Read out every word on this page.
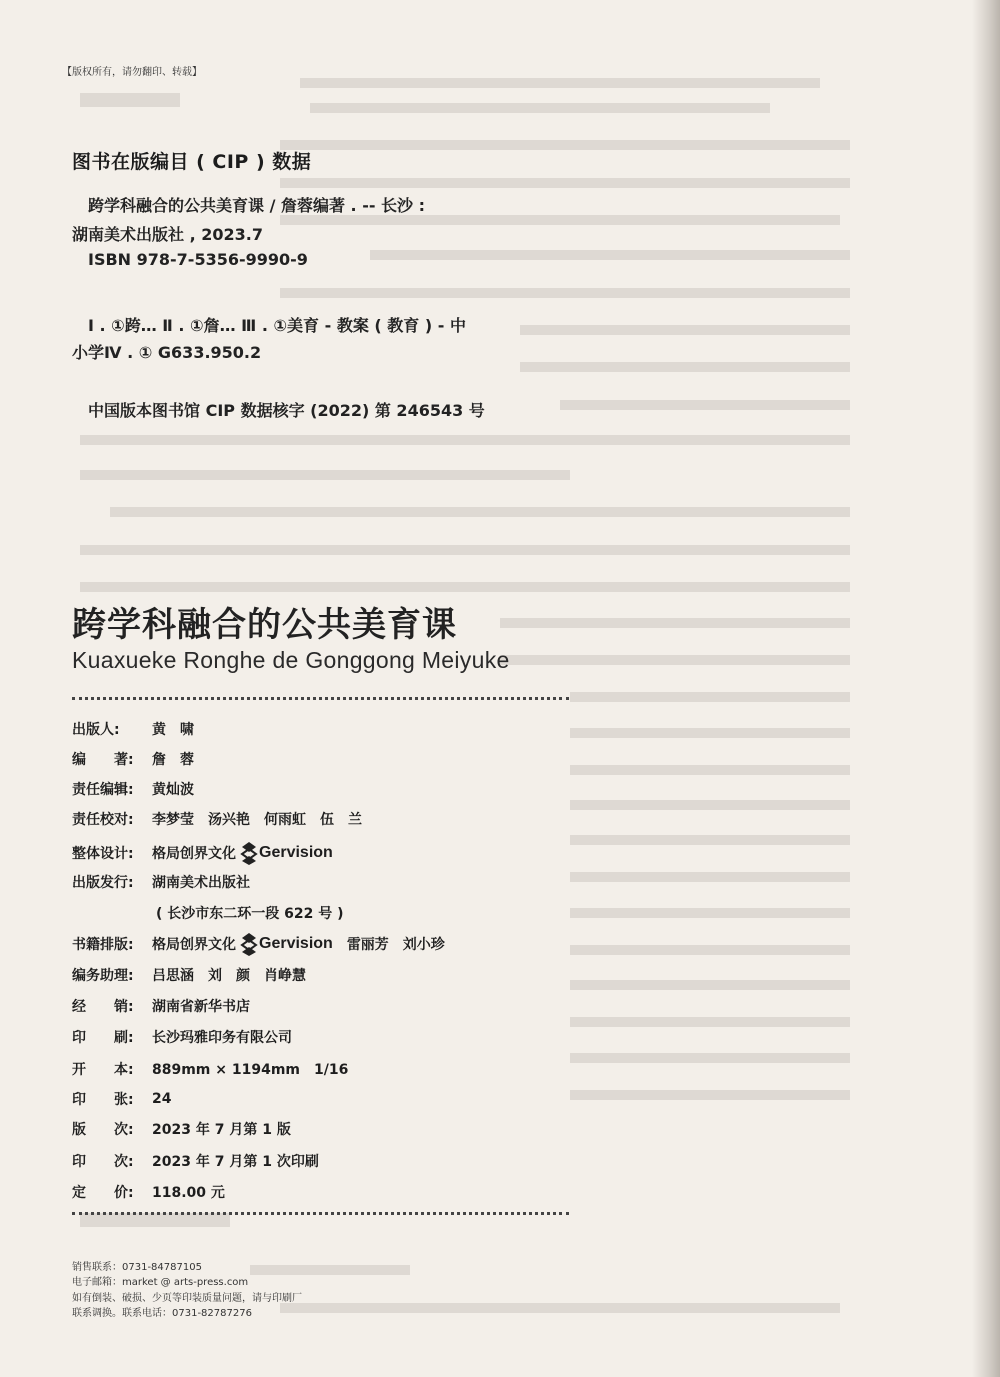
【版权所有，请勿翻印、转载】
图书在版编目 ( CIP ) 数据
跨学科融合的公共美育课 / 詹蓉编著 . -- 长沙 :
湖南美术出版社 , 2023.7
ISBN 978-7-5356-9990-9
Ⅰ . ①跨… Ⅱ . ①詹… Ⅲ . ①美育 - 教案 ( 教育 ) - 中
小学Ⅳ . ① G633.950.2
中国版本图书馆 CIP 数据核字 (2022) 第 246543 号
跨学科融合的公共美育课
Kuaxueke Ronghe de Gonggong Meiyuke
出版人:	黄　啸
编　　著:	詹　蓉
责任编辑:	黄灿波
责任校对:	李梦莹　汤兴艳　何雨虹　伍　兰
整体设计:	格局创界文化 Gervision
出版发行:	湖南美术出版社
( 长沙市东二环一段 622 号 )
书籍排版:	格局创界文化 Gervision 雷丽芳　刘小珍
编务助理:	吕思涵　刘　颜　肖峥慧
经　　销:	湖南省新华书店
印　　刷:	长沙玛雅印务有限公司
开　　本:	889mm × 1194mm　1/16
印　　张:	24
版　　次:	2023 年 7 月第 1 版
印　　次:	2023 年 7 月第 1 次印刷
定　　价:	118.00 元
销售联系：0731-84787105
电子邮箱：market @ arts-press.com
如有倒装、破损、少页等印装质量问题，请与印刷厂
联系调换。联系电话：0731-82787276
